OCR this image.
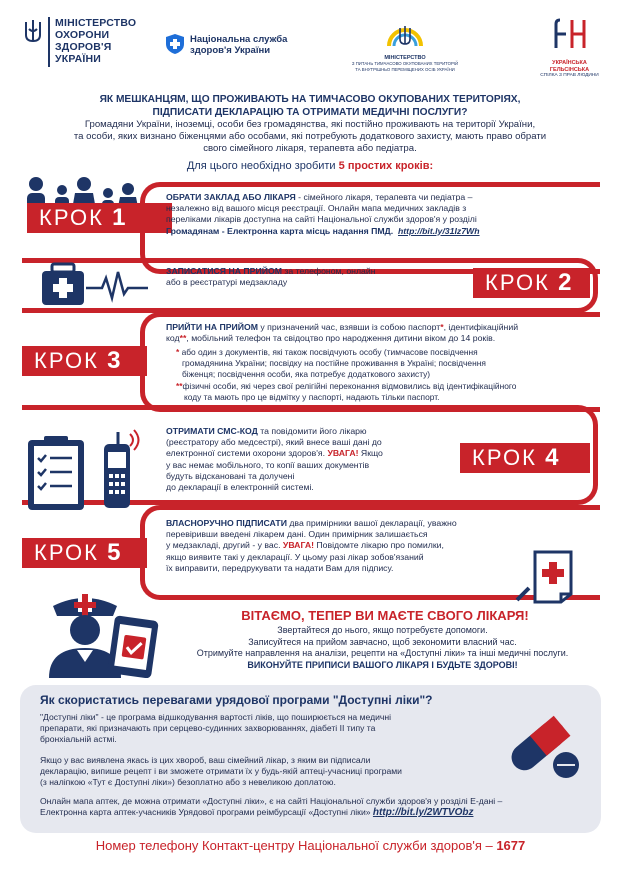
МІНІСТЕРСТВО
ОХОРОНИ
ЗДОРОВ'Я
УКРАЇНИ
Національна служба
здоров'я України
МІНІСТЕРСТВО
З ПИТАНЬ ТИМЧАСОВО ОКУПОВАНИХ ТЕРИТОРІЙ
ТА ВНУТРІШНЬО ПЕРЕМІЩЕНИХ ОСІБ УКРАЇНИ
УКРАЇНСЬКА ГЕЛЬСІНСЬКА
СПІЛКА З ПРАВ ЛЮДИНИ
ЯК МЕШКАНЦЯМ, ЩО ПРОЖИВАЮТЬ НА ТИМЧАСОВО ОКУПОВАНИХ ТЕРИТОРІЯХ,
ПІДПИСАТИ ДЕКЛАРАЦІЮ ТА ОТРИМАТИ МЕДИЧНІ ПОСЛУГИ?
Громадяни України, іноземці, особи без громадянства, які постійно проживають на території України,
та особи, яких визнано біженцями або особами, які потребують додаткового захисту, мають право обрати
свого сімейного лікаря, терапевта або педіатра.
Для цього необхідно зробити 5 простих кроків:
КРОК 1
ОБРАТИ ЗАКЛАД АБО ЛІКАРЯ - сімейного лікаря, терапевта чи педіатра –
незалежно від вашого місця реєстрації. Онлайн мапа медичних закладів з
переліками лікарів доступна на сайті Національної служби здоров'я у розділі
Громадянам - Електронна карта місць надання ПМД. http://bit.ly/31Iz7Wh
ЗАПИСАТИСЯ НА ПРИЙОМ за телефоном, онлайн
або в реєстратурі медзакладу	КРОК 2
КРОК 3
ПРИЙТИ НА ПРИЙОМ у призначений час, взявши із собою паспорт*, ідентифікаційний
код**, мобільний телефон та свідоцтво про народження дитини віком до 14 років.
* або один з документів, які також посвідчують особу (тимчасове посвідчення
громадянина України; посвідку на постійне проживання в Україні; посвідчення
біженця; посвідчення особи, яка потребує додаткового захисту)
**фізичні особи, які через свої релігійні переконання відмовились від ідентифікаційного
коду та мають про це відмітку у паспорті, надають тільки паспорт.
ОТРИМАТИ СМС-КОД та повідомити його лікарю
(реєстратору або медсестрі), який внесе ваші дані до
електронної системи охорони здоров'я. УВАГА! Якщо
у вас немає мобільного, то копії ваших документів
будуть відскановані та долучені
до декларації в електронній системі.
КРОК 4
КРОК 5
ВЛАСНОРУЧНО ПІДПИСАТИ два примірники вашої декларації, уважно
перевіривши введені лікарем дані. Один примірник залишається
у медзакладі, другий - у вас. УВАГА! Повідомте лікарю про помилки,
якщо виявите такі у декларації. У цьому разі лікар зобов'язаний
їх виправити, передрукувати та надати Вам для підпису.
ВІТАЄМО, ТЕПЕР ВИ МАЄТЕ СВОГО ЛІКАРЯ!
Звертайтеся до нього, якщо потребуєте допомоги.
Записуйтеся на прийом завчасно, щоб зекономити власний час.
Отримуйте направлення на аналізи, рецепти на «Доступні ліки» та інші медичні послуги.
ВИКОНУЙТЕ ПРИПИСИ ВАШОГО ЛІКАРЯ І БУДЬТЕ ЗДОРОВІ!
Як скористатись перевагами урядової програми "Доступні ліки"?
"Доступні ліки" - це програма відшкодування вартості ліків, що поширюється на медичні
препарати, які призначають при серцево-судинних захворюваннях, діабеті ІІ типу та
бронхіальній астмі.
Якщо у вас виявлена якась із цих хвороб, ваш сімейний лікар, з яким ви підписали
декларацію, випише рецепт і ви зможете отримати їх у будь-якій аптеці-учасниці програми
(з наліпкою «Тут є Доступні ліки») безоплатно або з невеликою доплатою.
Онлайн мапа аптек, де можна отримати «Доступні ліки», є на сайті Національної служби здоров'я у розділі Е-дані –
Електронна карта аптек-учасників Урядової програми реімбурсації «Доступні ліки» http://bit.ly/2WTVObz
Номер телефону Контакт-центру Національної служби здоров'я – 1677
